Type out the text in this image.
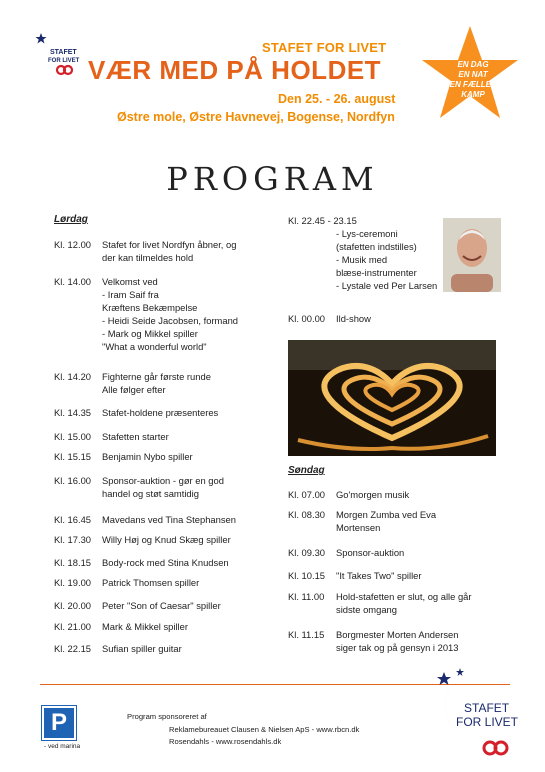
STAFET
FOR LIVET
STAFET FOR LIVET
VÆR MED PÅ HOLDET
Den 25. - 26. august
Østre mole, Østre Havnevej, Bogense, Nordfyn
EN DAG
EN NAT
EN FÆLLES
KAMP
PROGRAM
Lørdag
Kl. 12.00	Stafet for livet Nordfyn åbner, og
der kan tilmeldes hold
Kl. 14.00	Velkomst ved
- Iram Saif fra
Kræftens Bekæmpelse
- Heidi Seide Jacobsen, formand
- Mark og Mikkel spiller
"What a wonderful world"
Kl. 14.20	Fighterne går første runde
Alle følger efter
Kl. 14.35	Stafet-holdene præsenteres
Kl. 15.00	Stafetten starter
Kl. 15.15	Benjamin Nybo spiller
Kl. 16.00	Sponsor-auktion - gør en god
handel og støt samtidig
Kl. 16.45	Mavedans ved Tina Stephansen
Kl. 17.30	Willy Høj og Knud Skæg spiller
Kl. 18.15	Body-rock med Stina Knudsen
Kl. 19.00	Patrick Thomsen spiller
Kl. 20.00	Peter "Son of Caesar" spiller
Kl. 21.00	Mark & Mikkel spiller
Kl. 22.15	Sufian spiller guitar
Kl. 22.45 - 23.15
- Lys-ceremoni
(stafetten indstilles)
- Musik med
blæse-instrumenter
- Lystale ved Per Larsen
Kl. 00.00	Ild-show
Søndag
Kl. 07.00	Go'morgen musik
Kl. 08.30	Morgen Zumba ved Eva
Mortensen
Kl. 09.30	Sponsor-auktion
Kl. 10.15	"It Takes Two" spiller
Kl. 11.00	Hold-stafetten er slut, og alle går
sidste omgang
Kl. 11.15	Borgmester Morten Andersen
siger tak og på gensyn i 2013
P
- ved marina
Program sponsoreret af
Reklamebureauet Clausen & Nielsen ApS - www.rbcn.dk
Rosendahls - www.rosendahls.dk
STAFET
FOR LIVET
